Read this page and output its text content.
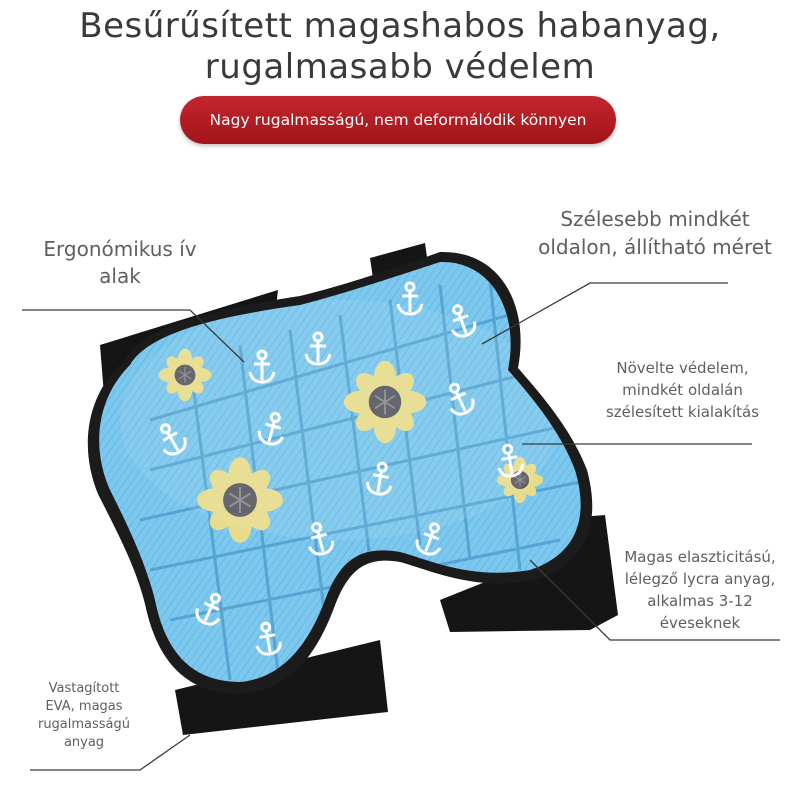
Besűrűsített magashabos habanyag,
rugalmasabb védelem
Nagy rugalmasságú, nem deformálódik könnyen
Ergonómikus ív
alak
Szélesebb mindkét
oldalon, állítható méret
Növelte védelem,
mindkét oldalán
szélesített kialakítás
Magas elaszticitású,
lélegző lycra anyag,
alkalmas 3-12
éveseknek
Vastagított
EVA, magas
rugalmasságú
anyag
